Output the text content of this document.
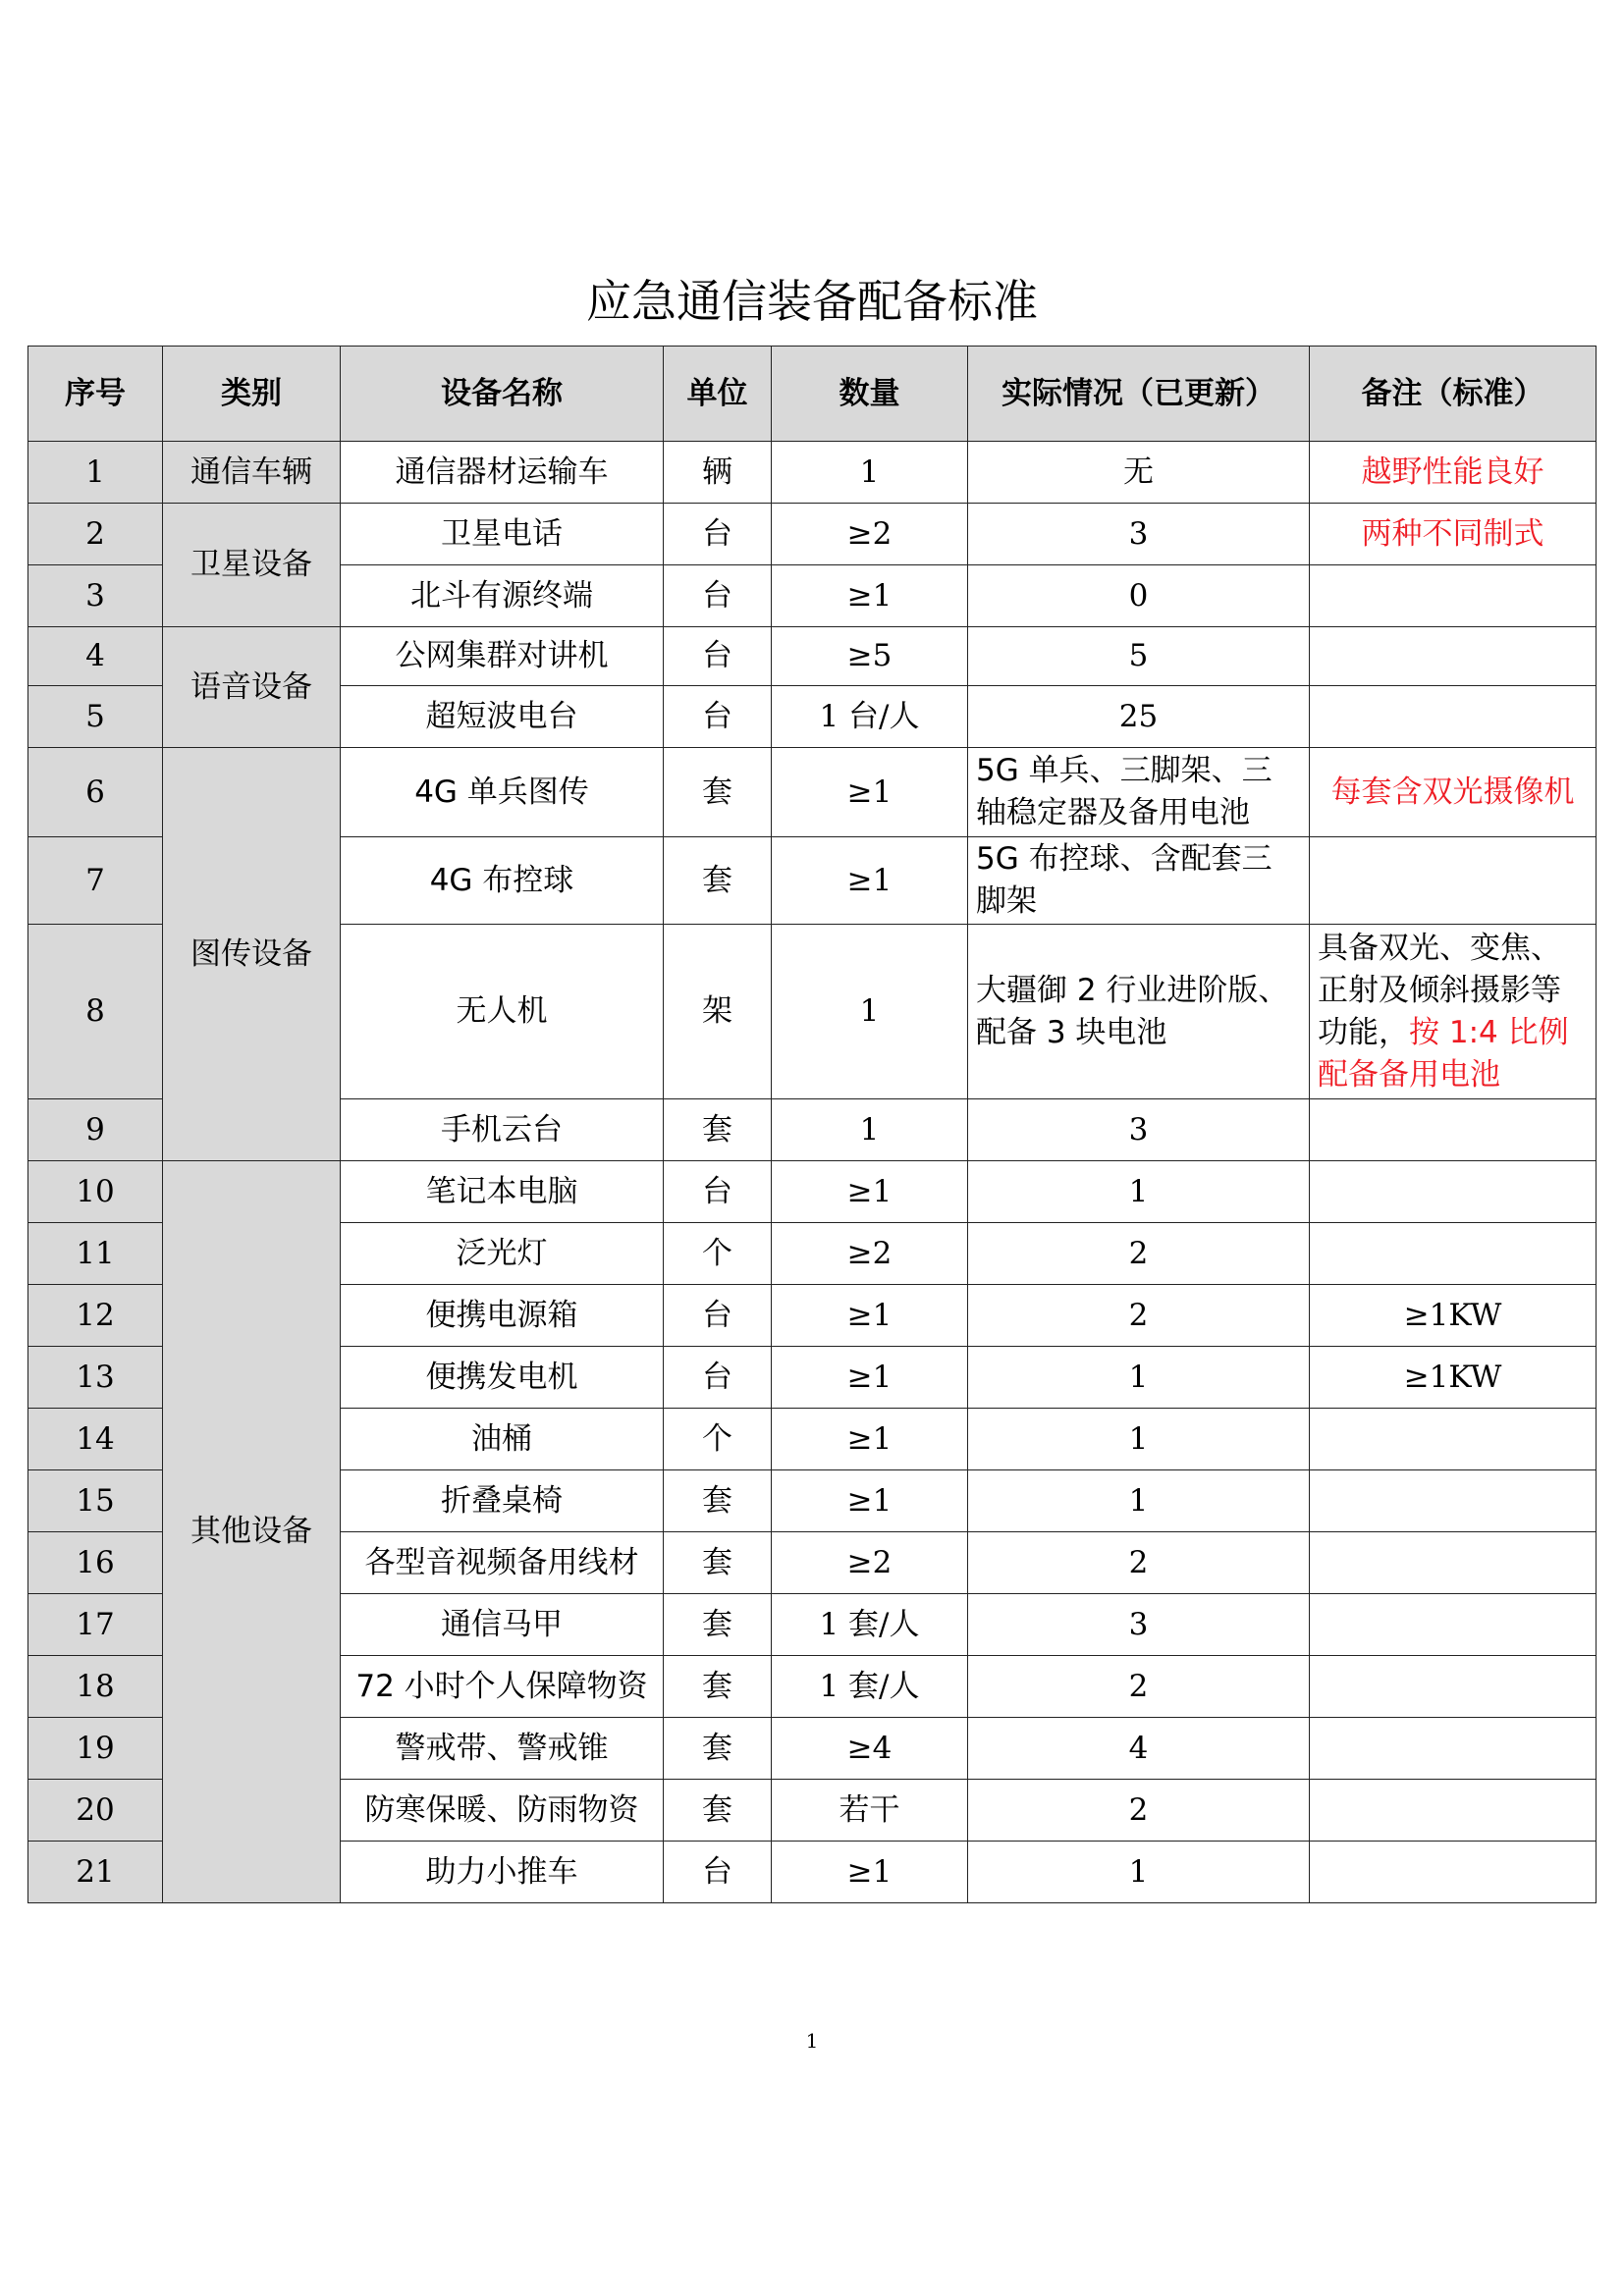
应急通信装备配备标准
序号	类别	设备名称	单位	数量	实际情况（已更新）	备注（标准）
1	通信车辆	通信器材运输车	辆	1	无	越野性能良好
2	卫星设备	卫星电话	台	≥2	3	两种不同制式
3		北斗有源终端	台	≥1	0	
4	语音设备	公网集群对讲机	台	≥5	5	
5		超短波电台	台	1 台/人	25	
6	图传设备	4G 单兵图传	套	≥1	5G 单兵、三脚架、三轴稳定器及备用电池	每套含双光摄像机
7		4G 布控球	套	≥1	5G 布控球、含配套三脚架	
8		无人机	架	1	大疆御 2 行业进阶版、配备 3 块电池	具备双光、变焦、正射及倾斜摄影等功能，按 1:4 比例配备备用电池
9		手机云台	套	1	3	
10	其他设备	笔记本电脑	台	≥1	1	
11		泛光灯	个	≥2	2	
12		便携电源箱	台	≥1	2	≥1KW
13		便携发电机	台	≥1	1	≥1KW
14		油桶	个	≥1	1	
15		折叠桌椅	套	≥1	1	
16		各型音视频备用线材	套	≥2	2	
17		通信马甲	套	1 套/人	3	
18		72 小时个人保障物资	套	1 套/人	2	
19		警戒带、警戒锥	套	≥4	4	
20		防寒保暖、防雨物资	套	若干	2	
21		助力小推车	台	≥1	1	
1
